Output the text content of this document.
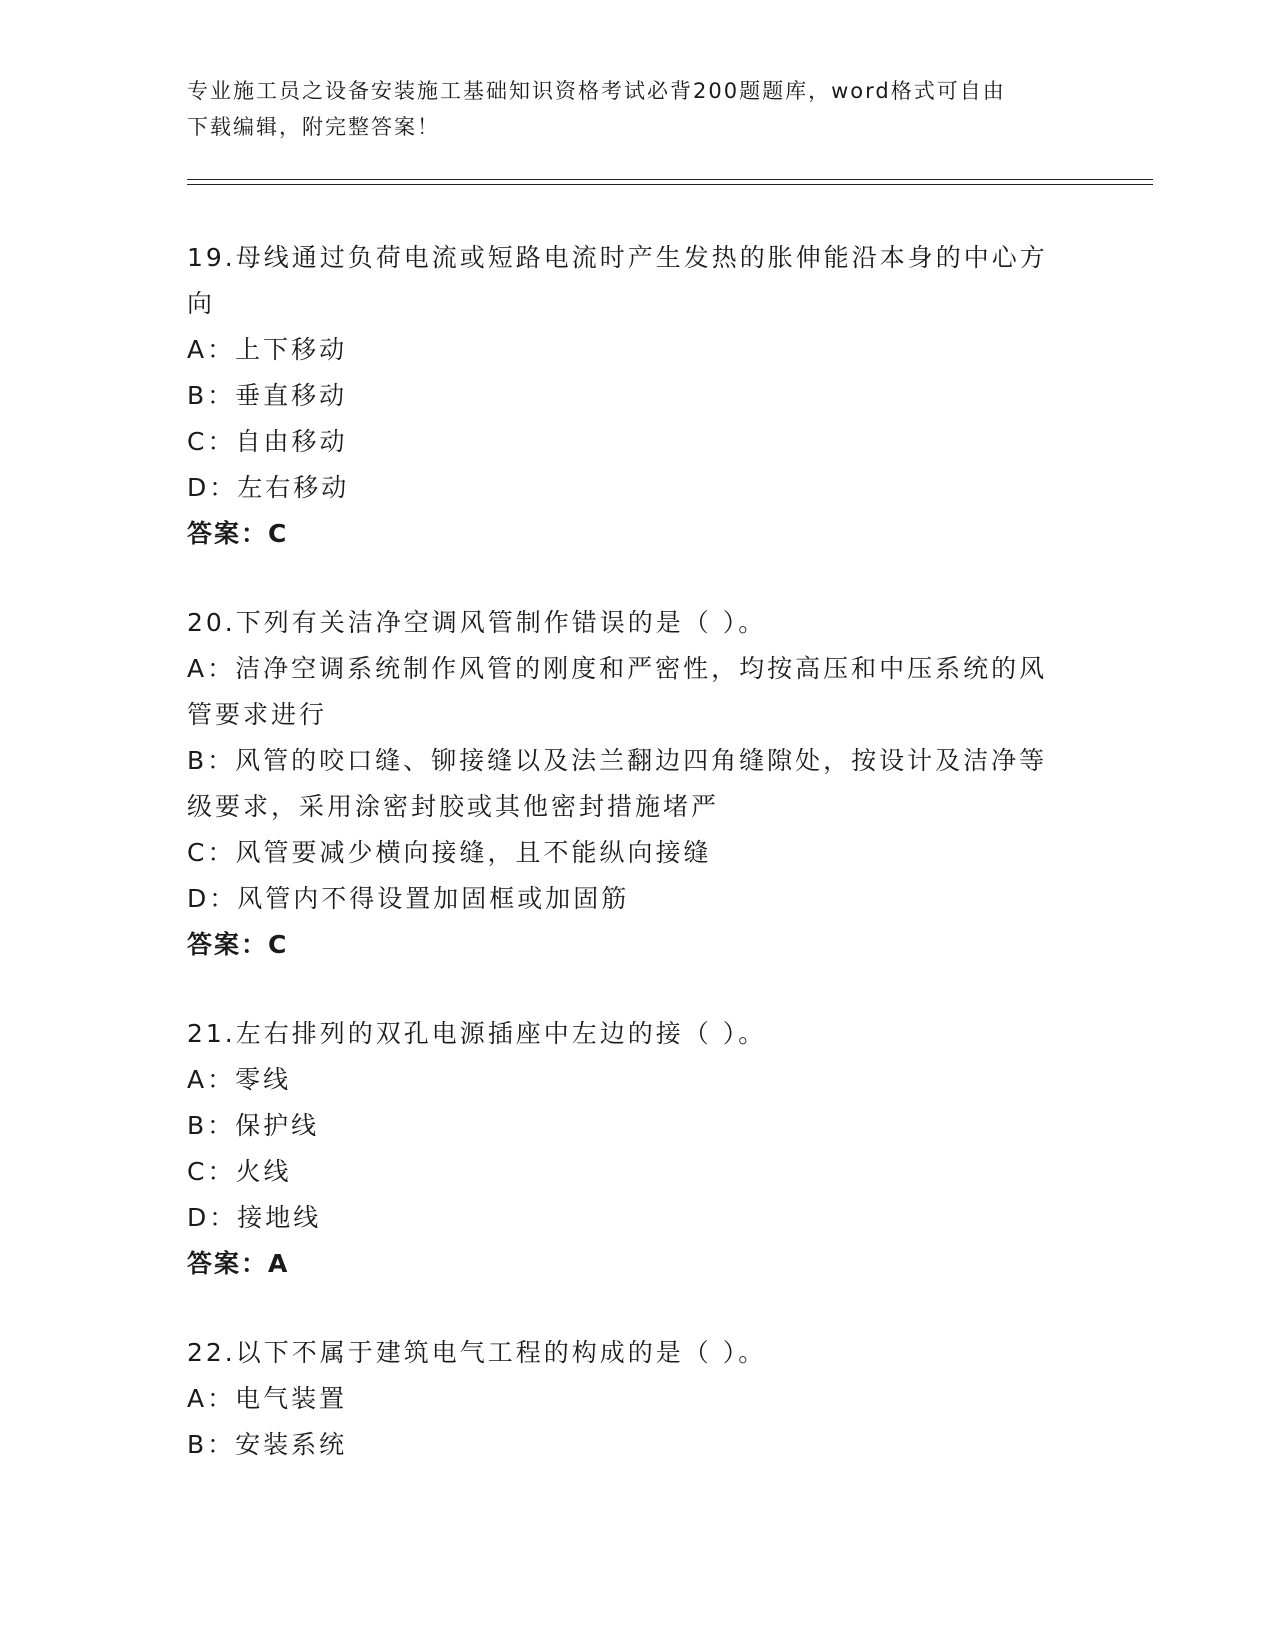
专业施工员之设备安装施工基础知识资格考试必背200题题库，word格式可自由
下载编辑，附完整答案！
19.母线通过负荷电流或短路电流时产生发热的胀伸能沿本身的中心方
向
A：上下移动
B：垂直移动
C：自由移动
D：左右移动
答案：C
20.下列有关洁净空调风管制作错误的是（ ）。
A：洁净空调系统制作风管的刚度和严密性，均按高压和中压系统的风
管要求进行
B：风管的咬口缝、铆接缝以及法兰翻边四角缝隙处，按设计及洁净等
级要求，采用涂密封胶或其他密封措施堵严
C：风管要减少横向接缝，且不能纵向接缝
D：风管内不得设置加固框或加固筋
答案：C
21.左右排列的双孔电源插座中左边的接（ ）。
A：零线
B：保护线
C：火线
D：接地线
答案：A
22.以下不属于建筑电气工程的构成的是（ ）。
A：电气装置
B：安装系统
